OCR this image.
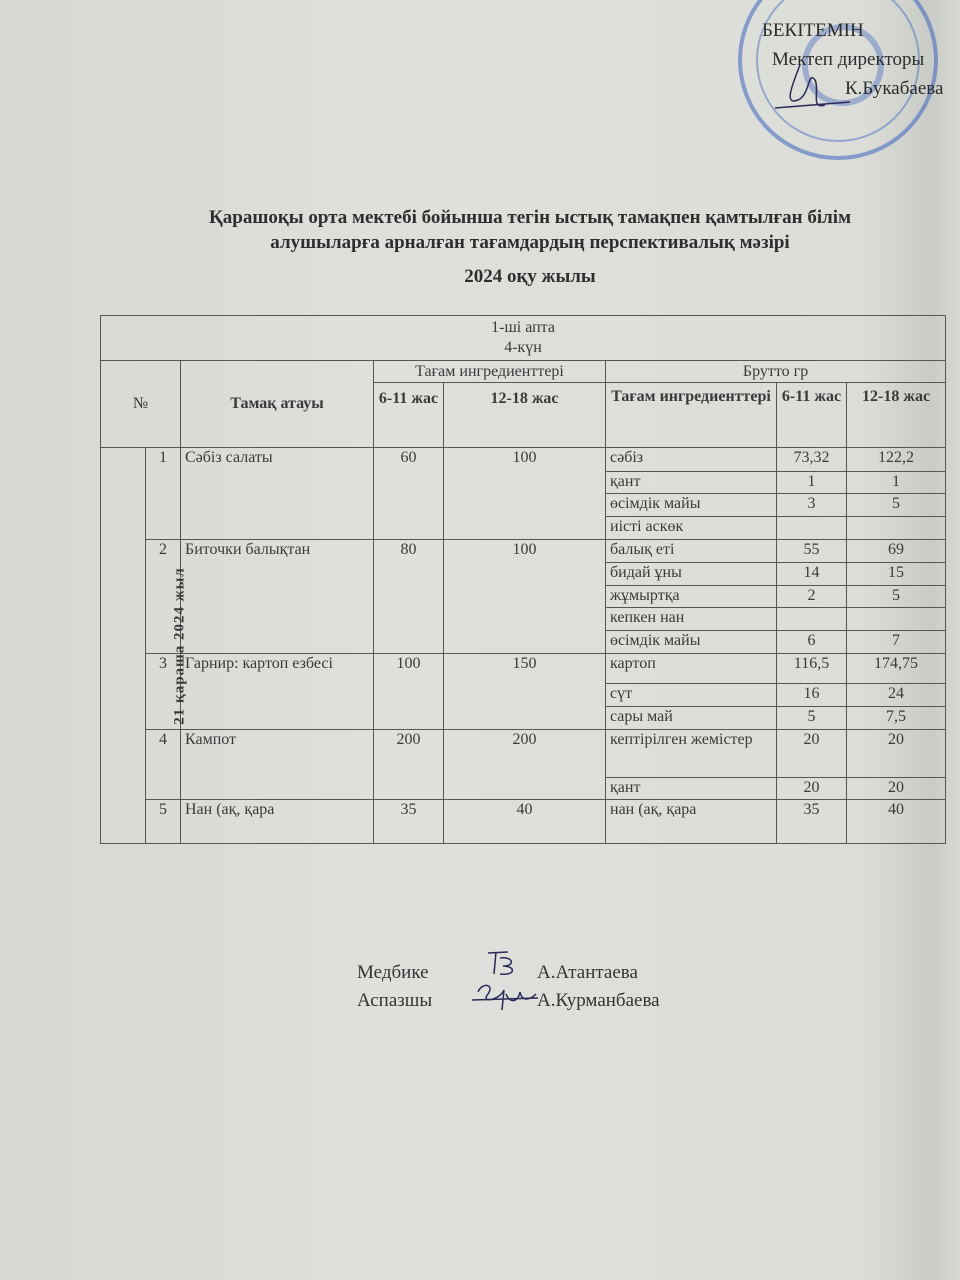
БЕКІТЕМІН
Мектеп директоры
К.Букабаева
Қарашоқы орта мектебі бойынша тегін ыстық тамақпен қамтылған білім
алушыларға арналған тағамдардың перспективалық мәзірі
2024 оқу жылы
1-ші апта
4-күн							

№		Тамақ атауы	Тағам ингредиенттері		Брутто гр		
			6-11 жас	12-18 жас	Тағам ингредиенттері	6-11 жас	12-18 жас
21 қараша 2024 жыл	1	Сәбіз салаты	60	100	сәбіз	73,32	122,2
					қант	1	1
					өсімдік майы	3	5
					иісті аскөк		
	2	Биточки балықтан	80	100	балық еті	55	69
					бидай ұны	14	15
					жұмыртқа	2	5
					кепкен нан		
					өсімдік майы	6	7
	3	Гарнир: картоп езбесі	100	150	картоп	116,5	174,75
					сүт	16	24
					сары май	5	7,5
	4	Кампот	200	200	кептірілген жемістер	20	20
					қант	20	20
	5	Нан (ақ, қара	35	40	нан (ақ, қара	35	40
Медбике	А.Атантаева
Аспазшы	А.Курманбаева
